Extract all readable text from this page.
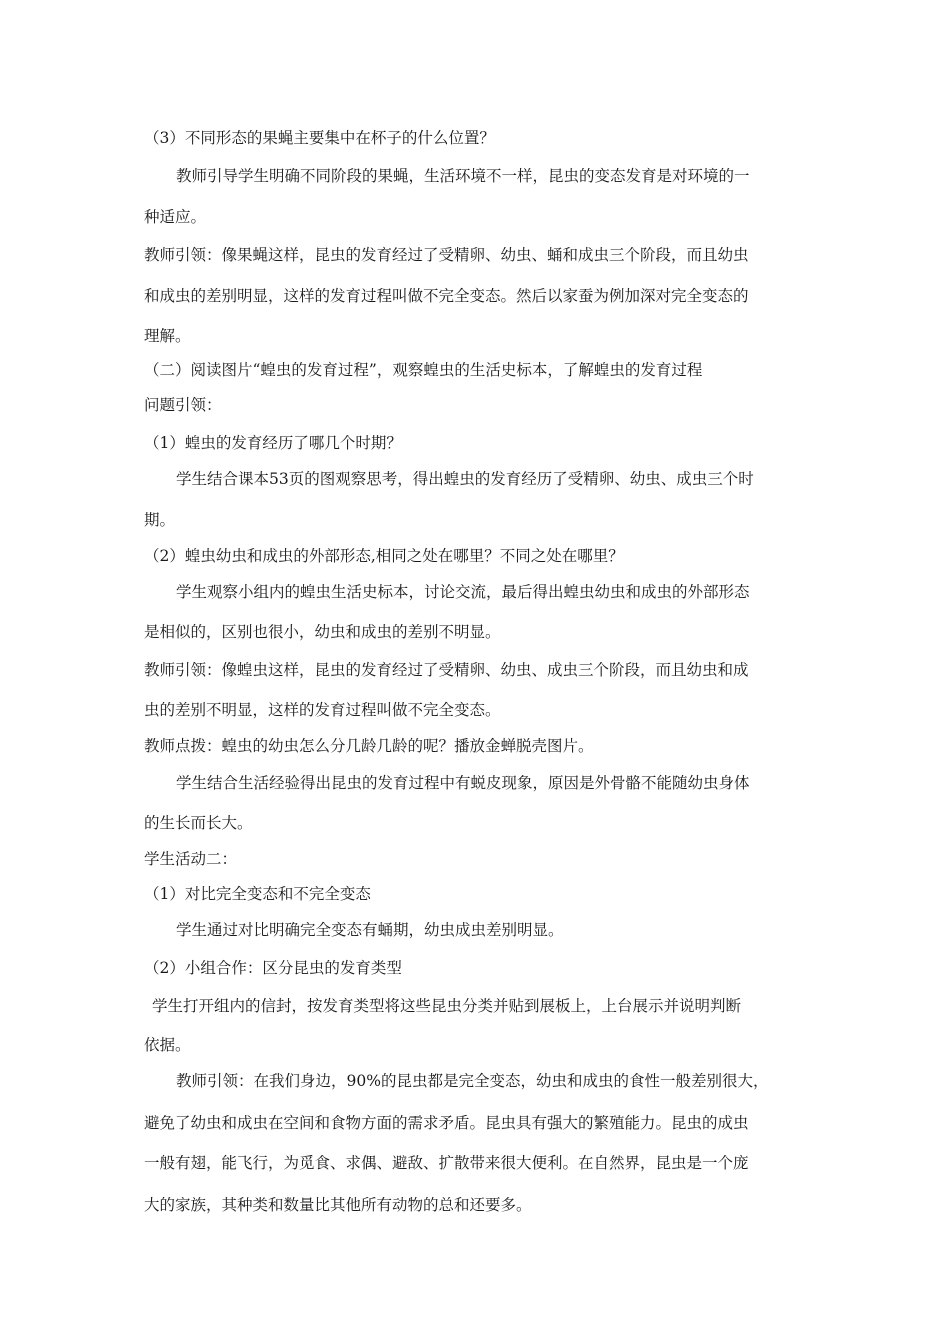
（3）不同形态的果蝇主要集中在杯子的什么位置？
教师引导学生明确不同阶段的果蝇，生活环境不一样，昆虫的变态发育是对环境的一
种适应。
教师引领：像果蝇这样，昆虫的发育经过了受精卵、幼虫、蛹和成虫三个阶段，而且幼虫
和成虫的差别明显，这样的发育过程叫做不完全变态。然后以家蚕为例加深对完全变态的
理解。
（二）阅读图片“蝗虫的发育过程”，观察蝗虫的生活史标本，了解蝗虫的发育过程
问题引领：
（1）蝗虫的发育经历了哪几个时期？
学生结合课本53页的图观察思考，得出蝗虫的发育经历了受精卵、幼虫、成虫三个时
期。
（2）蝗虫幼虫和成虫的外部形态,相同之处在哪里？不同之处在哪里？
学生观察小组内的蝗虫生活史标本，讨论交流，最后得出蝗虫幼虫和成虫的外部形态
是相似的，区别也很小，幼虫和成虫的差别不明显。
教师引领：像蝗虫这样，昆虫的发育经过了受精卵、幼虫、成虫三个阶段，而且幼虫和成
虫的差别不明显，这样的发育过程叫做不完全变态。
教师点拨：蝗虫的幼虫怎么分几龄几龄的呢？播放金蝉脱壳图片。
学生结合生活经验得出昆虫的发育过程中有蜕皮现象，原因是外骨骼不能随幼虫身体
的生长而长大。
学生活动二：
（1）对比完全变态和不完全变态
学生通过对比明确完全变态有蛹期，幼虫成虫差别明显。
（2）小组合作：区分昆虫的发育类型
学生打开组内的信封，按发育类型将这些昆虫分类并贴到展板上，上台展示并说明判断
依据。
教师引领：在我们身边，90%的昆虫都是完全变态，幼虫和成虫的食性一般差别很大，
避免了幼虫和成虫在空间和食物方面的需求矛盾。昆虫具有强大的繁殖能力。昆虫的成虫
一般有翅，能飞行，为觅食、求偶、避敌、扩散带来很大便利。在自然界，昆虫是一个庞
大的家族，其种类和数量比其他所有动物的总和还要多。
